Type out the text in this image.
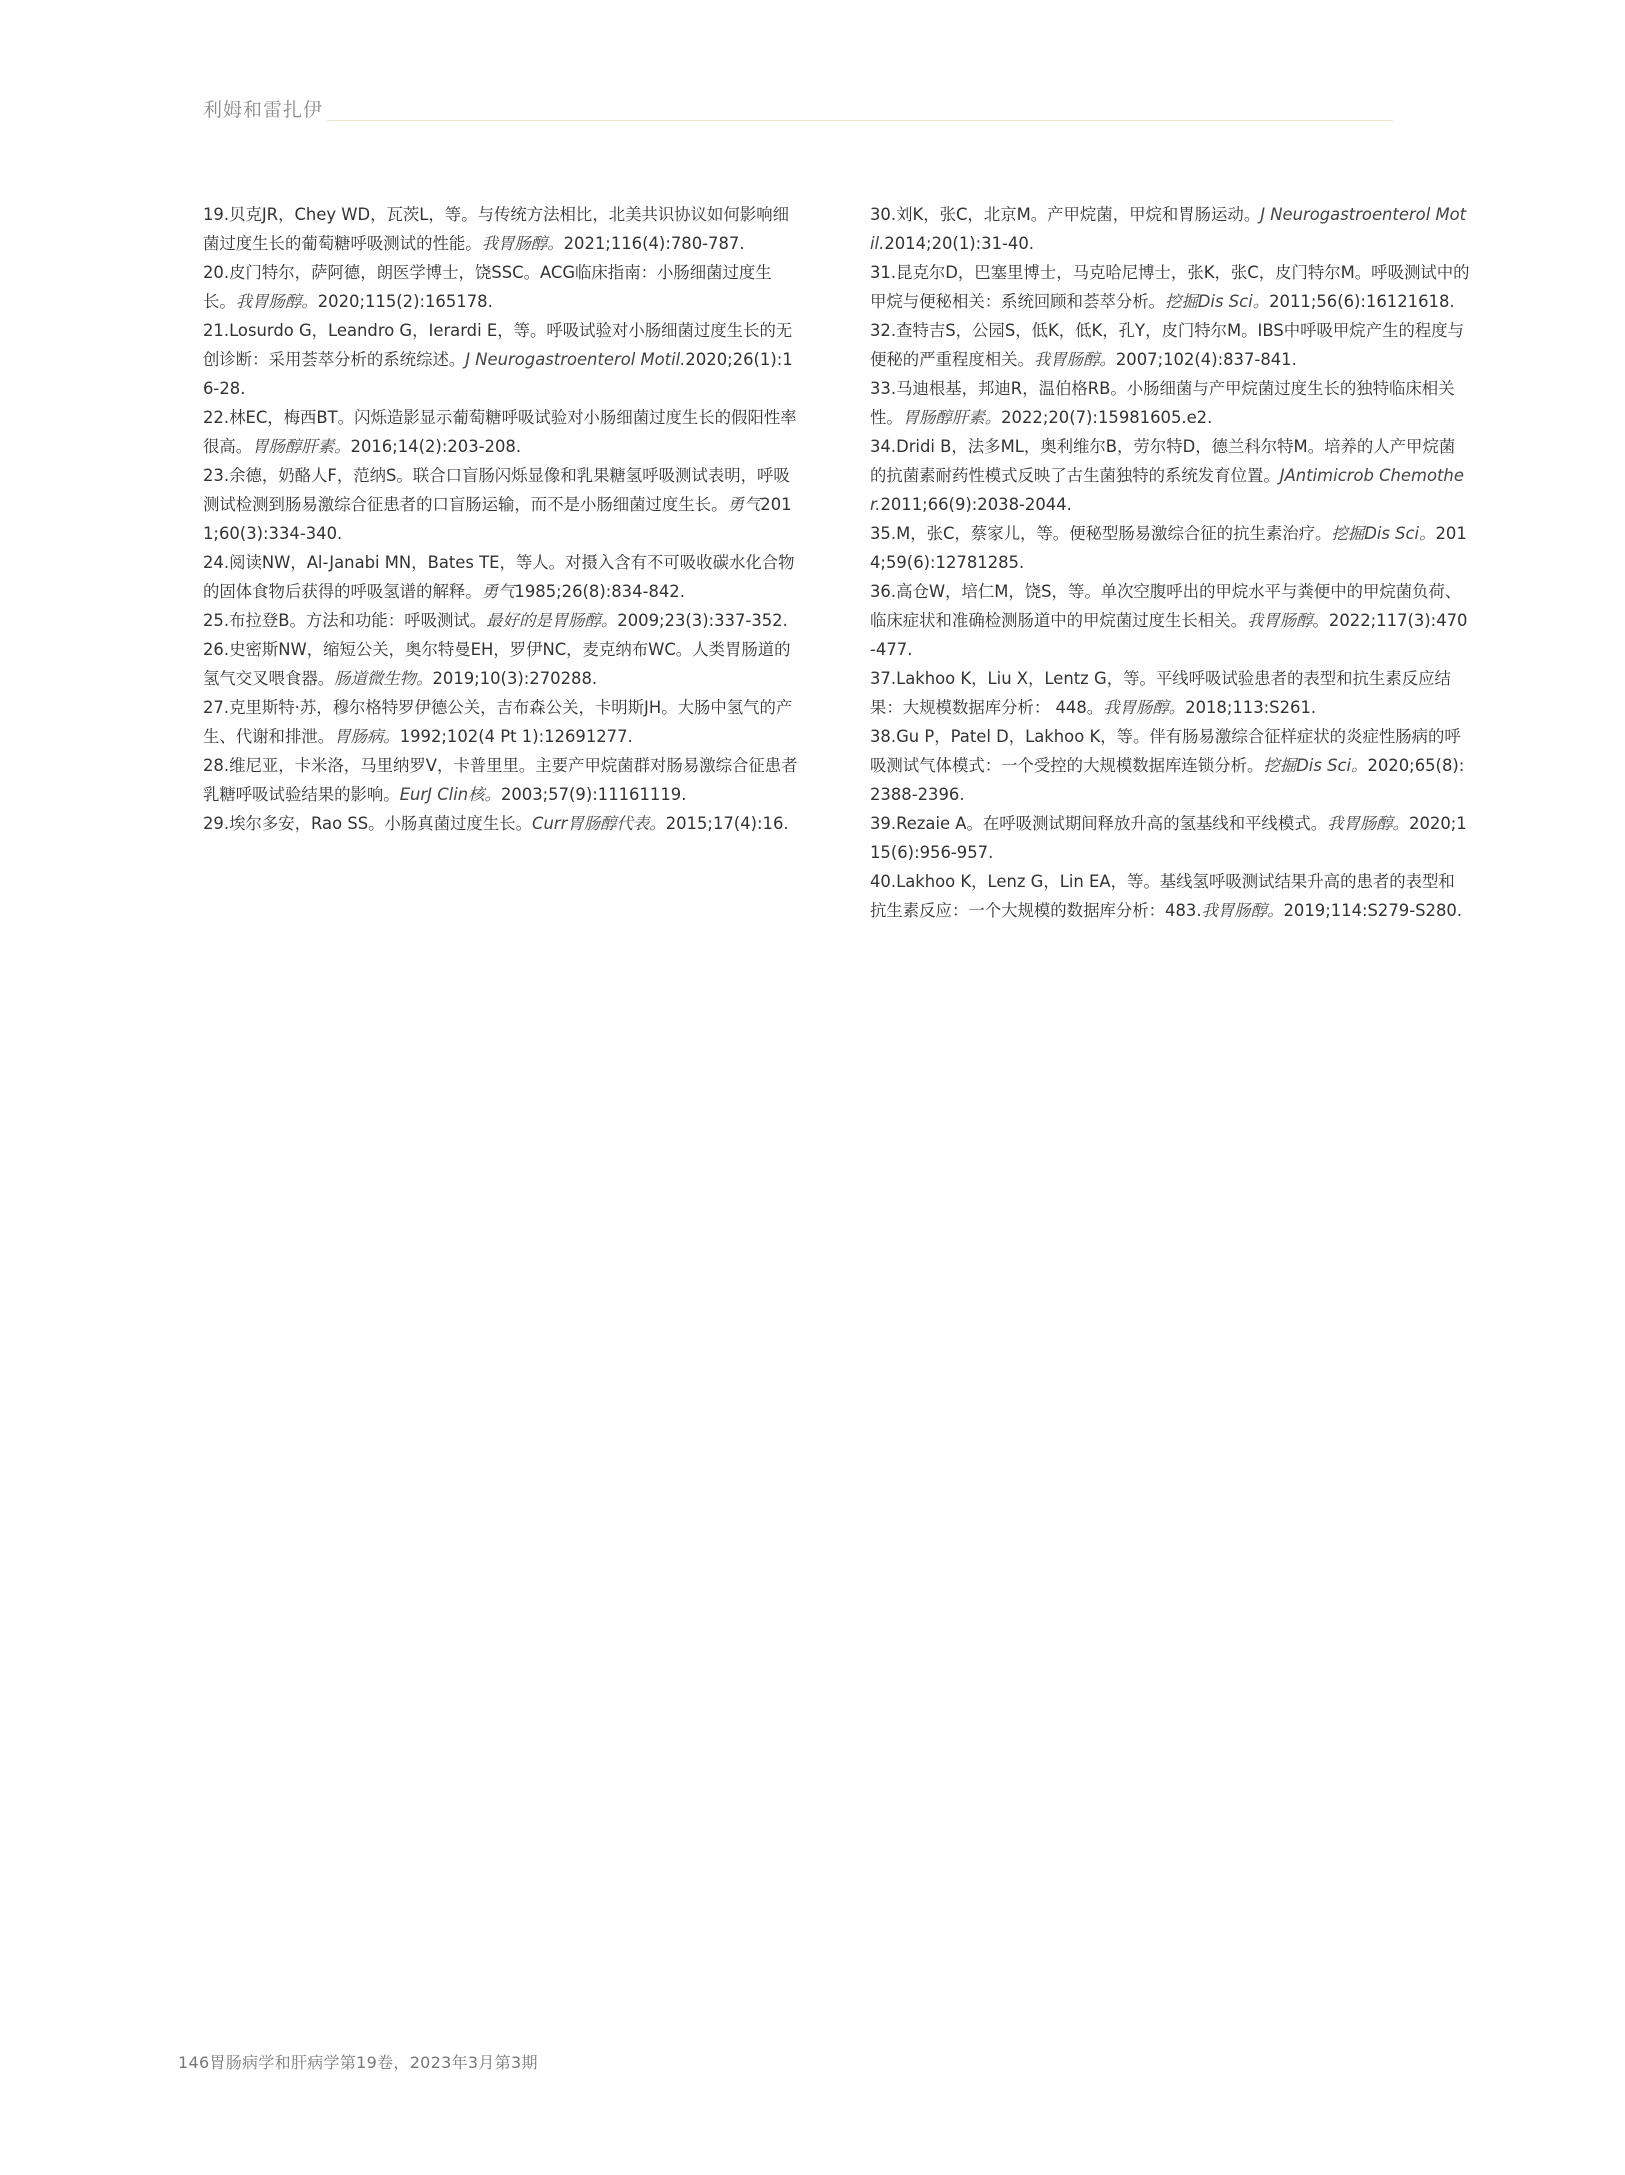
利姆和雷扎伊

19.贝克JR，Chey WD，瓦茨L，等。与传统方法相比，北美共识协议如何影响细菌过度生长的葡萄糖呼吸测试的性能。我胃肠醇。2021;116(4):780-787.

20.皮门特尔，萨阿德，朗医学博士，饶SSC。ACG临床指南：小肠细菌过度生长。我胃肠醇。2020;115(2):165178.

21.Losurdo G，Leandro G，Ierardi E，等。呼吸试验对小肠细菌过度生长的无创诊断：采用荟萃分析的系统综述。J Neurogastroenterol Motil.2020;26(1):16-28.

22.林EC，梅西BT。闪烁造影显示葡萄糖呼吸试验对小肠细菌过度生长的假阳性率很高。胃肠醇肝素。2016;14(2):203-208.

23.余德，奶酪人F，范纳S。联合口盲肠闪烁显像和乳果糖氢呼吸测试表明，呼吸测试检测到肠易激综合征患者的口盲肠运输，而不是小肠细菌过度生长。勇气2011;60(3):334-340.

24.阅读NW，Al-Janabi MN，Bates TE，等人。对摄入含有不可吸收碳水化合物的固体食物后获得的呼吸氢谱的解释。勇气1985;26(8):834-842.

25.布拉登B。方法和功能：呼吸测试。最好的是胃肠醇。2009;23(3):337-352.

26.史密斯NW，缩短公关，奥尔特曼EH，罗伊NC，麦克纳布WC。人类胃肠道的氢气交叉喂食器。肠道微生物。2019;10(3):270288.

27.克里斯特·苏，穆尔格特罗伊德公关，吉布森公关，卡明斯JH。大肠中氢气的产生、代谢和排泄。胃肠病。1992;102(4 Pt 1):12691277.

28.维尼亚，卡米洛，马里纳罗V，卡普里里。主要产甲烷菌群对肠易激综合征患者乳糖呼吸试验结果的影响。EurJ Clin核。2003;57(9):11161119.

29.埃尔多安，Rao SS。小肠真菌过度生长。Curr胃肠醇代表。2015;17(4):16.

30.刘K，张C，北京M。产甲烷菌，甲烷和胃肠运动。J Neurogastroenterol Motil.2014;20(1):31-40.

31.昆克尔D，巴塞里博士，马克哈尼博士，张K，张C，皮门特尔M。呼吸测试中的甲烷与便秘相关：系统回顾和荟萃分析。挖掘Dis Sci。2011;56(6):16121618.

32.查特吉S，公园S，低K，低K，孔Y，皮门特尔M。IBS中呼吸甲烷产生的程度与便秘的严重程度相关。我胃肠醇。2007;102(4):837-841.

33.马迪根基，邦迪R，温伯格RB。小肠细菌与产甲烷菌过度生长的独特临床相关性。胃肠醇肝素。2022;20(7):15981605.e2.

34.Dridi B，法多ML，奥利维尔B，劳尔特D，德兰科尔特M。培养的人产甲烷菌的抗菌素耐药性模式反映了古生菌独特的系统发育位置。JAntimicrob Chemother.2011;66(9):2038-2044.

35.M，张C，蔡家儿，等。便秘型肠易激综合征的抗生素治疗。挖掘Dis Sci。2014;59(6):12781285.

36.高仓W，培仁M，饶S，等。单次空腹呼出的甲烷水平与粪便中的甲烷菌负荷、临床症状和准确检测肠道中的甲烷菌过度生长相关。我胃肠醇。2022;117(3):470-477.

37.Lakhoo K，Liu X，Lentz G，等。平线呼吸试验患者的表型和抗生素反应结果：大规模数据库分析： 448。我胃肠醇。2018;113:S261.

38.Gu P，Patel D，Lakhoo K，等。伴有肠易激综合征样症状的炎症性肠病的呼吸测试气体模式：一个受控的大规模数据库连锁分析。挖掘Dis Sci。2020;65(8):2388-2396.

39.Rezaie A。在呼吸测试期间释放升高的氢基线和平线模式。我胃肠醇。2020;115(6):956-957.

40.Lakhoo K，Lenz G，Lin EA，等。基线氢呼吸测试结果升高的患者的表型和抗生素反应：一个大规模的数据库分析：483.我胃肠醇。2019;114:S279-S280.

146胃肠病学和肝病学第19卷，2023年3月第3期
